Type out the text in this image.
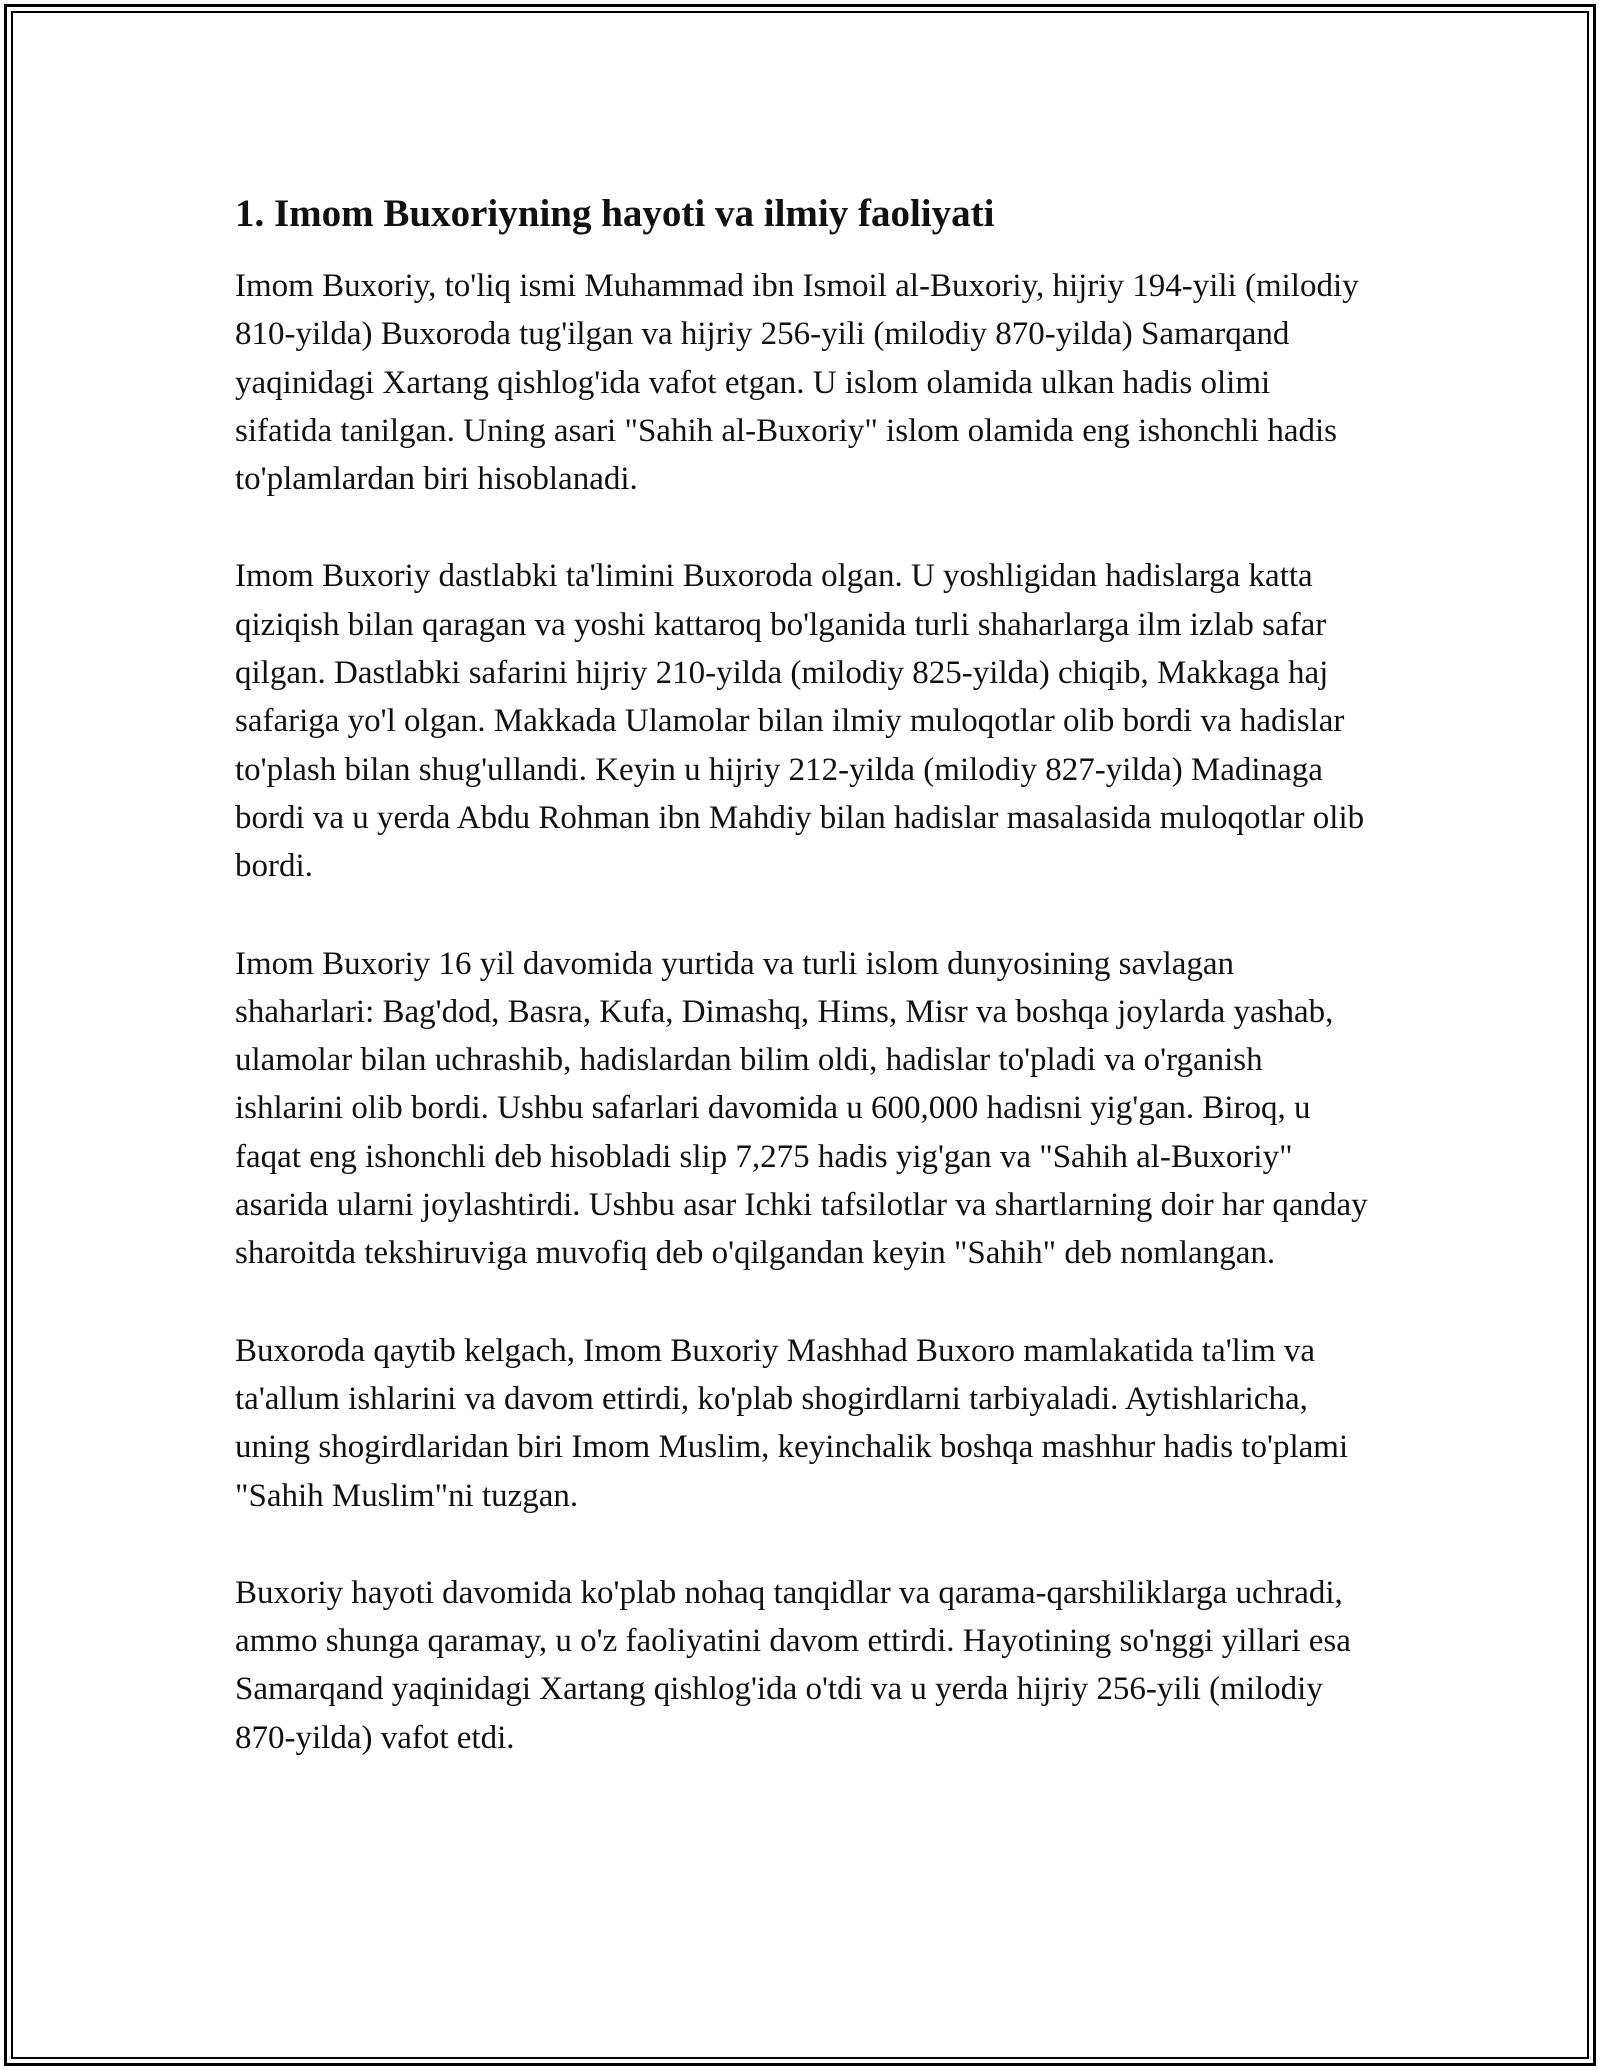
1. Imom Buxoriyning hayoti va ilmiy faoliyati

Imom Buxoriy, to'liq ismi Muhammad ibn Ismoil al-Buxoriy, hijriy 194-yili (milodiy 810-yilda) Buxoroda tug'ilgan va hijriy 256-yili (milodiy 870-yilda) Samarqand yaqinidagi Xartang qishlog'ida vafot etgan. U islom olamida ulkan hadis olimi sifatida tanilgan. Uning asari "Sahih al-Buxoriy" islom olamida eng ishonchli hadis to'plamlardan biri hisoblanadi.

Imom Buxoriy dastlabki ta'limini Buxoroda olgan. U yoshligidan hadislarga katta qiziqish bilan qaragan va yoshi kattaroq bo'lganida turli shaharlarga ilm izlab safar qilgan. Dastlabki safarini hijriy 210-yilda (milodiy 825-yilda) chiqib, Makkaga haj safariga yo'l olgan. Makkada Ulamolar bilan ilmiy muloqotlar olib bordi va hadislar to'plash bilan shug'ullandi. Keyin u hijriy 212-yilda (milodiy 827-yilda) Madinaga bordi va u yerda Abdu Rohman ibn Mahdiy bilan hadislar masalasida muloqotlar olib bordi.

Imom Buxoriy 16 yil davomida yurtida va turli islom dunyosining savlagan shaharlari: Bag'dod, Basra, Kufa, Dimashq, Hims, Misr va boshqa joylarda yashab, ulamolar bilan uchrashib, hadislardan bilim oldi, hadislar to'pladi va o'rganish ishlarini olib bordi. Ushbu safarlari davomida u 600,000 hadisni yig'gan. Biroq, u faqat eng ishonchli deb hisobladi slip 7,275 hadis yig'gan va "Sahih al-Buxoriy" asarida ularni joylashtirdi. Ushbu asar Ichki tafsilotlar va shartlarning doir har qanday sharoitda tekshiruviga muvofiq deb o'qilgandan keyin "Sahih" deb nomlangan.

Buxoroda qaytib kelgach, Imom Buxoriy Mashhad Buxoro mamlakatida ta'lim va ta'allum ishlarini va davom ettirdi, ko'plab shogirdlarni tarbiyaladi. Aytishlaricha, uning shogirdlaridan biri Imom Muslim, keyinchalik boshqa mashhur hadis to'plami "Sahih Muslim"ni tuzgan.

Buxoriy hayoti davomida ko'plab nohaq tanqidlar va qarama-qarshiliklarga uchradi, ammo shunga qaramay, u o'z faoliyatini davom ettirdi. Hayotining so'nggi yillari esa Samarqand yaqinidagi Xartang qishlog'ida o'tdi va u yerda hijriy 256-yili (milodiy 870-yilda) vafot etdi.
